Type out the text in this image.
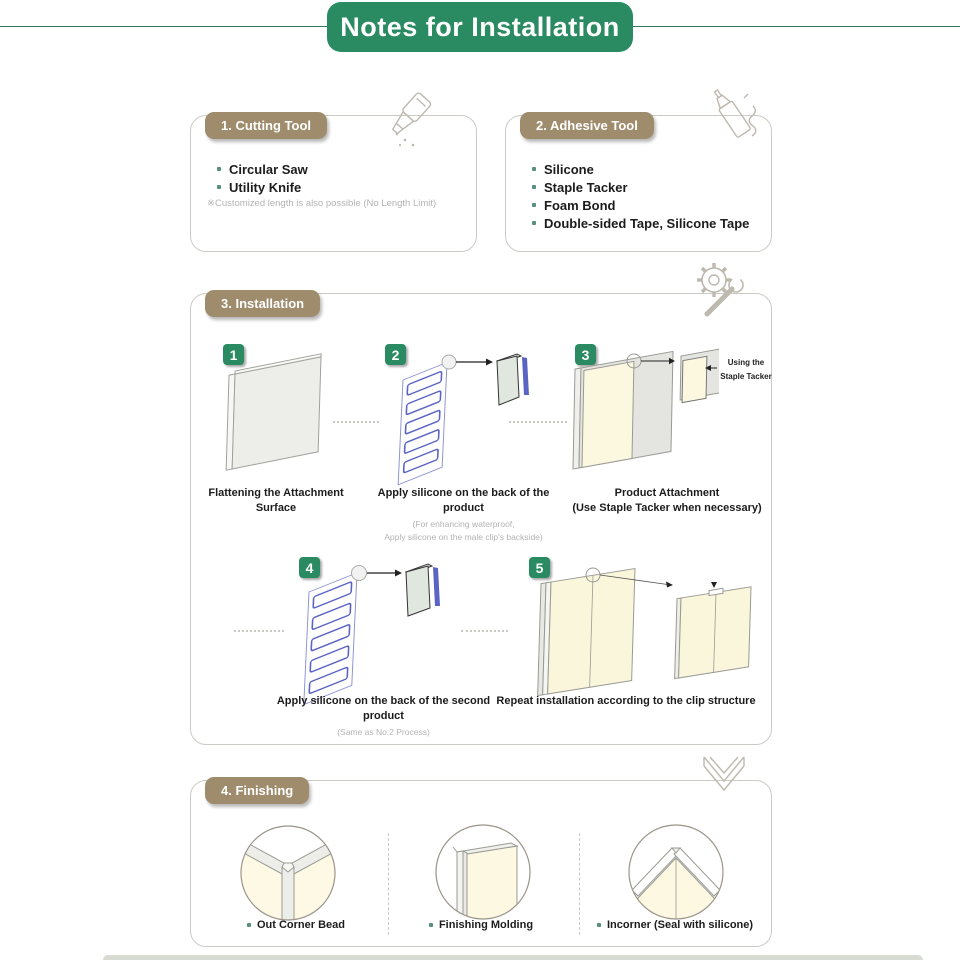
Notes for Installation
1. Cutting Tool
Circular Saw
Utility Knife
※Customized length is also possible (No Length Limit)
2. Adhesive Tool
Silicone
Staple Tacker
Foam Bond
Double-sided Tape, Silicone Tape
3. Installation
1	2	3
4	5
Using the
Staple Tacker
Flattening the Attachment Surface
Apply silicone on the back of the product
(For enhancing waterproof,
Apply silicone on the male clip's backside)
Product Attachment
(Use Staple Tacker when necessary)
Apply silicone on the back of the second product
(Same as No.2 Process)
Repeat installation according to the clip structure
4. Finishing
Out Corner Bead	Finishing Molding	Incorner (Seal with silicone)
